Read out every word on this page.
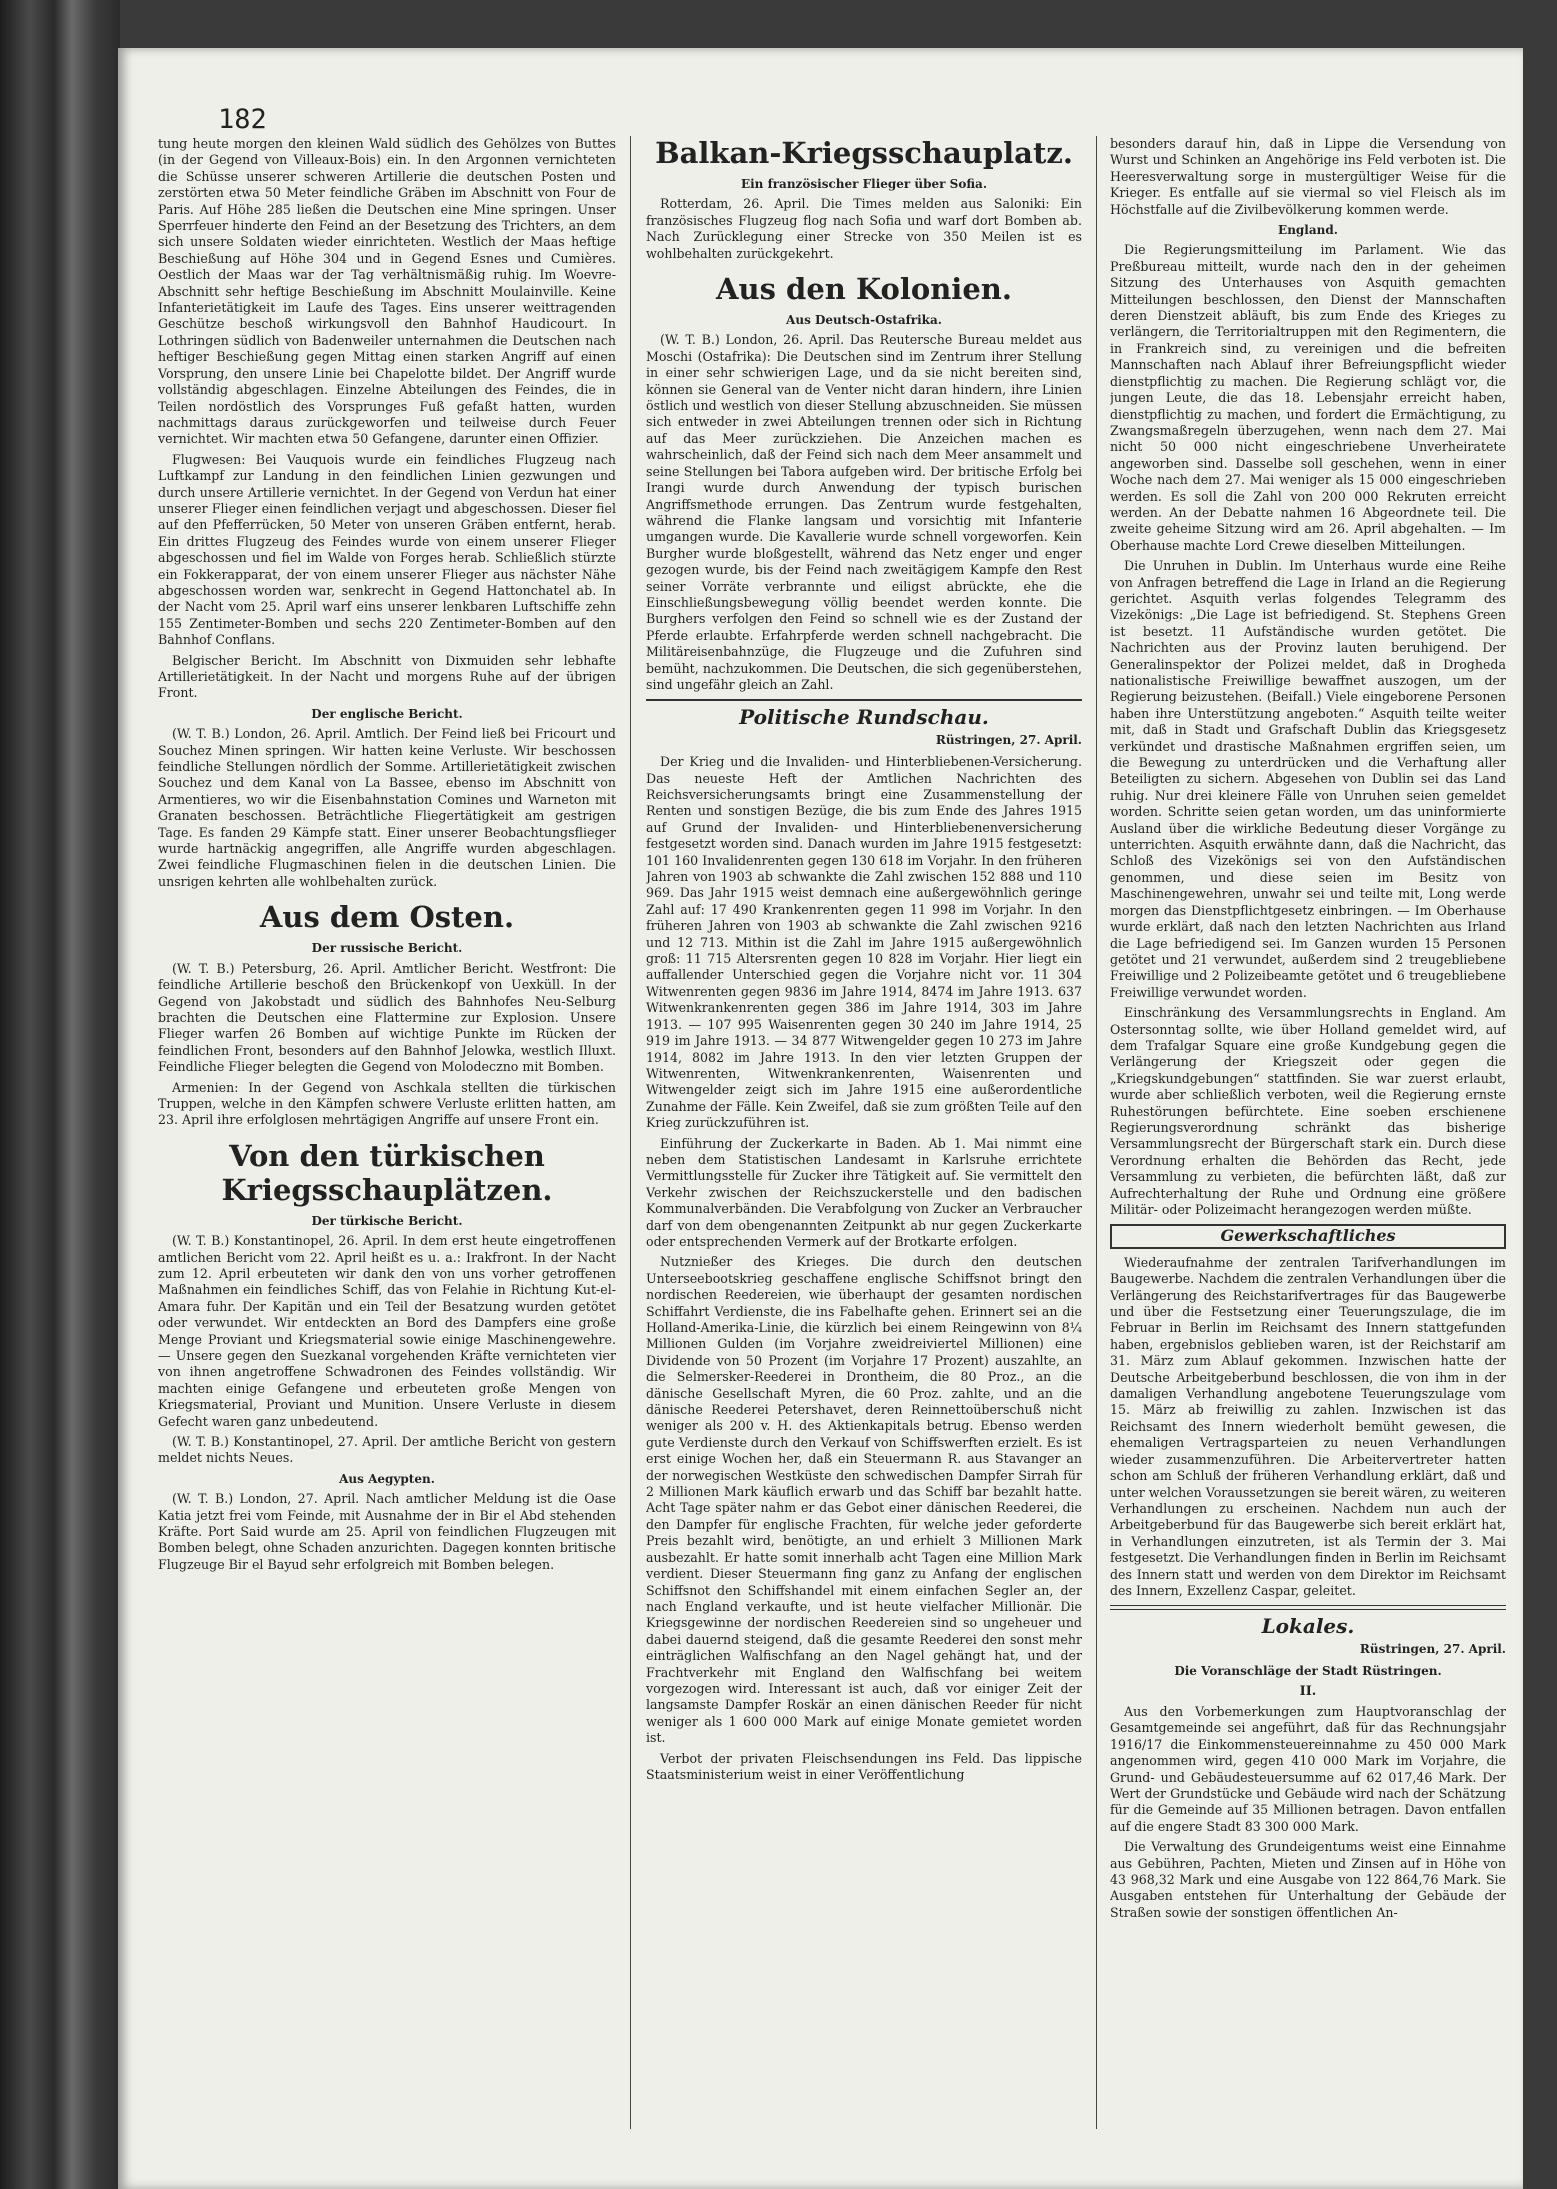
182

tung heute morgen den kleinen Wald südlich des Gehölzes von Buttes (in der Gegend von Villeaux-Bois) ein. In den Argonnen vernichteten die Schüsse unserer schweren Artillerie die deutschen Posten und zerstörten etwa 50 Meter feindliche Gräben im Abschnitt von Four de Paris. Auf Höhe 285 ließen die Deutschen eine Mine springen. Unser Sperrfeuer hinderte den Feind an der Besetzung des Trichters, an dem sich unsere Soldaten wieder einrichteten. Westlich der Maas heftige Beschießung auf Höhe 304 und in Gegend Esnes und Cumières. Oestlich der Maas war der Tag verhältnismäßig ruhig. Im Woevre-Abschnitt sehr heftige Beschießung im Abschnitt Moulainville. Keine Infanterietätigkeit im Laufe des Tages. Eins unserer weittragenden Geschütze beschoß wirkungsvoll den Bahnhof Haudicourt. In Lothringen südlich von Badenweiler unternahmen die Deutschen nach heftiger Beschießung gegen Mittag einen starken Angriff auf einen Vorsprung, den unsere Linie bei Chapelotte bildet. Der Angriff wurde vollständig abgeschlagen. Einzelne Abteilungen des Feindes, die in Teilen nordöstlich des Vorsprunges Fuß gefaßt hatten, wurden nachmittags daraus zurückgeworfen und teilweise durch Feuer vernichtet. Wir machten etwa 50 Gefangene, darunter einen Offizier.

Flugwesen: Bei Vauquois wurde ein feindliches Flugzeug nach Luftkampf zur Landung in den feindlichen Linien gezwungen und durch unsere Artillerie vernichtet. In der Gegend von Verdun hat einer unserer Flieger einen feindlichen verjagt und abgeschossen. Dieser fiel auf den Pfefferrücken, 50 Meter von unseren Gräben entfernt, herab. Ein drittes Flugzeug des Feindes wurde von einem unserer Flieger abgeschossen und fiel im Walde von Forges herab. Schließlich stürzte ein Fokkerapparat, der von einem unserer Flieger aus nächster Nähe abgeschossen worden war, senkrecht in Gegend Hattonchatel ab. In der Nacht vom 25. April warf eins unserer lenkbaren Luftschiffe zehn 155 Zentimeter-Bomben und sechs 220 Zentimeter-Bomben auf den Bahnhof Conflans.

Belgischer Bericht. Im Abschnitt von Dixmuiden sehr lebhafte Artillerietätigkeit. In der Nacht und morgens Ruhe auf der übrigen Front.

Der englische Bericht.

(W. T. B.) London, 26. April. Amtlich. Der Feind ließ bei Fricourt und Souchez Minen springen. Wir hatten keine Verluste. Wir beschossen feindliche Stellungen nördlich der Somme. Artillerietätigkeit zwischen Souchez und dem Kanal von La Bassee, ebenso im Abschnitt von Armentieres, wo wir die Eisenbahnstation Comines und Warneton mit Granaten beschossen. Beträchtliche Fliegertätigkeit am gestrigen Tage. Es fanden 29 Kämpfe statt. Einer unserer Beobachtungsflieger wurde hartnäckig angegriffen, alle Angriffe wurden abgeschlagen. Zwei feindliche Flugmaschinen fielen in die deutschen Linien. Die unsrigen kehrten alle wohlbehalten zurück.

Aus dem Osten.
Der russische Bericht.

(W. T. B.) Petersburg, 26. April. Amtlicher Bericht. Westfront: Die feindliche Artillerie beschoß den Brückenkopf von Uexküll. In der Gegend von Jakobstadt und südlich des Bahnhofes Neu-Selburg brachten die Deutschen eine Flattermine zur Explosion. Unsere Flieger warfen 26 Bomben auf wichtige Punkte im Rücken der feindlichen Front, besonders auf den Bahnhof Jelowka, westlich Illuxt. Feindliche Flieger belegten die Gegend von Molodeczno mit Bomben.

Armenien: In der Gegend von Aschkala stellten die türkischen Truppen, welche in den Kämpfen schwere Verluste erlitten hatten, am 23. April ihre erfolglosen mehrtägigen Angriffe auf unsere Front ein.

Von den türkischen Kriegsschauplätzen.
Der türkische Bericht.

(W. T. B.) Konstantinopel, 26. April. In dem erst heute eingetroffenen amtlichen Bericht vom 22. April heißt es u. a.: Irakfront. In der Nacht zum 12. April erbeuteten wir dank den von uns vorher getroffenen Maßnahmen ein feindliches Schiff, das von Felahie in Richtung Kut-el-Amara fuhr. Der Kapitän und ein Teil der Besatzung wurden getötet oder verwundet. Wir entdeckten an Bord des Dampfers eine große Menge Proviant und Kriegsmaterial sowie einige Maschinengewehre. — Unsere gegen den Suezkanal vorgehenden Kräfte vernichteten vier von ihnen angetroffene Schwadronen des Feindes vollständig. Wir machten einige Gefangene und erbeuteten große Mengen von Kriegsmaterial, Proviant und Munition. Unsere Verluste in diesem Gefecht waren ganz unbedeutend.

(W. T. B.) Konstantinopel, 27. April. Der amtliche Bericht von gestern meldet nichts Neues.

Aus Aegypten.

(W. T. B.) London, 27. April. Nach amtlicher Meldung ist die Oase Katia jetzt frei vom Feinde, mit Ausnahme der in Bir el Abd stehenden Kräfte. Port Said wurde am 25. April von feindlichen Flugzeugen mit Bomben belegt, ohne Schaden anzurichten. Dagegen konnten britische Flugzeuge Bir el Bayud sehr erfolgreich mit Bomben belegen.

Balkan-Kriegsschauplatz.
Ein französischer Flieger über Sofia.

Rotterdam, 26. April. Die Times melden aus Saloniki: Ein französisches Flugzeug flog nach Sofia und warf dort Bomben ab. Nach Zurücklegung einer Strecke von 350 Meilen ist es wohlbehalten zurückgekehrt.

Aus den Kolonien.
Aus Deutsch-Ostafrika.

(W. T. B.) London, 26. April. Das Reutersche Bureau meldet aus Moschi (Ostafrika): Die Deutschen sind im Zentrum ihrer Stellung in einer sehr schwierigen Lage, und da sie nicht bereiten sind, können sie General van de Venter nicht daran hindern, ihre Linien östlich und westlich von dieser Stellung abzuschneiden. Sie müssen sich entweder in zwei Abteilungen trennen oder sich in Richtung auf das Meer zurückziehen. Die Anzeichen machen es wahrscheinlich, daß der Feind sich nach dem Meer ansammelt und seine Stellungen bei Tabora aufgeben wird. Der britische Erfolg bei Irangi wurde durch Anwendung der typisch burischen Angriffsmethode errungen. Das Zentrum wurde festgehalten, während die Flanke langsam und vorsichtig mit Infanterie umgangen wurde. Die Kavallerie wurde schnell vorgeworfen. Kein Burgher wurde bloßgestellt, während das Netz enger und enger gezogen wurde, bis der Feind nach zweitägigem Kampfe den Rest seiner Vorräte verbrannte und eiligst abrückte, ehe die Einschließungsbewegung völlig beendet werden konnte. Die Burghers verfolgen den Feind so schnell wie es der Zustand der Pferde erlaubte. Erfahrpferde werden schnell nachgebracht. Die Militäreisenbahnzüge, die Flugzeuge und die Zufuhren sind bemüht, nachzukommen. Die Deutschen, die sich gegenüberstehen, sind ungefähr gleich an Zahl.

Politische Rundschau.
Rüstringen, 27. April.

Der Krieg und die Invaliden- und Hinterbliebenen-Versicherung. Das neueste Heft der Amtlichen Nachrichten des Reichsversicherungsamts bringt eine Zusammenstellung der Renten und sonstigen Bezüge, die bis zum Ende des Jahres 1915 auf Grund der Invaliden- und Hinterbliebenenversicherung festgesetzt worden sind. Danach wurden im Jahre 1915 festgesetzt: 101 160 Invalidenrenten gegen 130 618 im Vorjahr. In den früheren Jahren von 1903 ab schwankte die Zahl zwischen 152 888 und 110 969. Das Jahr 1915 weist demnach eine außergewöhnlich geringe Zahl auf: 17 490 Krankenrenten gegen 11 998 im Vorjahr. In den früheren Jahren von 1903 ab schwankte die Zahl zwischen 9216 und 12 713. Mithin ist die Zahl im Jahre 1915 außergewöhnlich groß: 11 715 Altersrenten gegen 10 828 im Vorjahr. Hier liegt ein auffallender Unterschied gegen die Vorjahre nicht vor. 11 304 Witwenrenten gegen 9836 im Jahre 1914, 8474 im Jahre 1913. 637 Witwenkrankenrenten gegen 386 im Jahre 1914, 303 im Jahre 1913. — 107 995 Waisenrenten gegen 30 240 im Jahre 1914, 25 919 im Jahre 1913. — 34 877 Witwengelder gegen 10 273 im Jahre 1914, 8082 im Jahre 1913. In den vier letzten Gruppen der Witwenrenten, Witwenkrankenrenten, Waisenrenten und Witwengelder zeigt sich im Jahre 1915 eine außerordentliche Zunahme der Fälle. Kein Zweifel, daß sie zum größten Teile auf den Krieg zurückzuführen ist.

Einführung der Zuckerkarte in Baden. Ab 1. Mai nimmt eine neben dem Statistischen Landesamt in Karlsruhe errichtete Vermittlungsstelle für Zucker ihre Tätigkeit auf. Sie vermittelt den Verkehr zwischen der Reichszuckerstelle und den badischen Kommunalverbänden. Die Verabfolgung von Zucker an Verbraucher darf von dem obengenannten Zeitpunkt ab nur gegen Zuckerkarte oder entsprechenden Vermerk auf der Brotkarte erfolgen.

Nutznießer des Krieges. Die durch den deutschen Unterseebootskrieg geschaffene englische Schiffsnot bringt den nordischen Reedereien, wie überhaupt der gesamten nordischen Schiffahrt Verdienste, die ins Fabelhafte gehen. Erinnert sei an die Holland-Amerika-Linie, die kürzlich bei einem Reingewinn von 8¼ Millionen Gulden (im Vorjahre zweidreiviertel Millionen) eine Dividende von 50 Prozent (im Vorjahre 17 Prozent) auszahlte, an die Selmersker-Reederei in Drontheim, die 80 Proz., an die dänische Gesellschaft Myren, die 60 Proz. zahlte, und an die dänische Reederei Petershavet, deren Reinnettoüberschuß nicht weniger als 200 v. H. des Aktienkapitals betrug. Ebenso werden gute Verdienste durch den Verkauf von Schiffswerften erzielt. Es ist erst einige Wochen her, daß ein Steuermann R. aus Stavanger an der norwegischen Westküste den schwedischen Dampfer Sirrah für 2 Millionen Mark käuflich erwarb und das Schiff bar bezahlt hatte. Acht Tage später nahm er das Gebot einer dänischen Reederei, die den Dampfer für englische Frachten, für welche jeder geforderte Preis bezahlt wird, benötigte, an und erhielt 3 Millionen Mark ausbezahlt. Er hatte somit innerhalb acht Tagen eine Million Mark verdient. Dieser Steuermann fing ganz zu Anfang der englischen Schiffsnot den Schiffshandel mit einem einfachen Segler an, der nach England verkaufte, und ist heute vielfacher Millionär. Die Kriegsgewinne der nordischen Reedereien sind so ungeheuer und dabei dauernd steigend, daß die gesamte Reederei den sonst mehr einträglichen Walfischfang an den Nagel gehängt hat, und der Frachtverkehr mit England den Walfischfang bei weitem vorgezogen wird. Interessant ist auch, daß vor einiger Zeit der langsamste Dampfer Roskär an einen dänischen Reeder für nicht weniger als 1 600 000 Mark auf einige Monate gemietet worden ist.

Verbot der privaten Fleischsendungen ins Feld. Das lippische Staatsministerium weist in einer Veröffentlichung

besonders darauf hin, daß in Lippe die Versendung von Wurst und Schinken an Angehörige ins Feld verboten ist. Die Heeresverwaltung sorge in mustergültiger Weise für die Krieger. Es entfalle auf sie viermal so viel Fleisch als im Höchstfalle auf die Zivilbevölkerung kommen werde.

England.

Die Regierungsmitteilung im Parlament. Wie das Preßbureau mitteilt, wurde nach den in der geheimen Sitzung des Unterhauses von Asquith gemachten Mitteilungen beschlossen, den Dienst der Mannschaften deren Dienstzeit abläuft, bis zum Ende des Krieges zu verlängern, die Territorialtruppen mit den Regimentern, die in Frankreich sind, zu vereinigen und die befreiten Mannschaften nach Ablauf ihrer Befreiungspflicht wieder dienstpflichtig zu machen. Die Regierung schlägt vor, die jungen Leute, die das 18. Lebensjahr erreicht haben, dienstpflichtig zu machen, und fordert die Ermächtigung, zu Zwangsmaßregeln überzugehen, wenn nach dem 27. Mai nicht 50 000 nicht eingeschriebene Unverheiratete angeworben sind. Dasselbe soll geschehen, wenn in einer Woche nach dem 27. Mai weniger als 15 000 eingeschrieben werden. Es soll die Zahl von 200 000 Rekruten erreicht werden. An der Debatte nahmen 16 Abgeordnete teil. Die zweite geheime Sitzung wird am 26. April abgehalten. — Im Oberhause machte Lord Crewe dieselben Mitteilungen.

Die Unruhen in Dublin. Im Unterhaus wurde eine Reihe von Anfragen betreffend die Lage in Irland an die Regierung gerichtet. Asquith verlas folgendes Telegramm des Vizekönigs: „Die Lage ist befriedigend. St. Stephens Green ist besetzt. 11 Aufständische wurden getötet. Die Nachrichten aus der Provinz lauten beruhigend. Der Generalinspektor der Polizei meldet, daß in Drogheda nationalistische Freiwillige bewaffnet auszogen, um der Regierung beizustehen. (Beifall.) Viele eingeborene Personen haben ihre Unterstützung angeboten.“ Asquith teilte weiter mit, daß in Stadt und Grafschaft Dublin das Kriegsgesetz verkündet und drastische Maßnahmen ergriffen seien, um die Bewegung zu unterdrücken und die Verhaftung aller Beteiligten zu sichern. Abgesehen von Dublin sei das Land ruhig. Nur drei kleinere Fälle von Unruhen seien gemeldet worden. Schritte seien getan worden, um das uninformierte Ausland über die wirkliche Bedeutung dieser Vorgänge zu unterrichten. Asquith erwähnte dann, daß die Nachricht, das Schloß des Vizekönigs sei von den Aufständischen genommen, und diese seien im Besitz von Maschinengewehren, unwahr sei und teilte mit, Long werde morgen das Dienstpflichtgesetz einbringen. — Im Oberhause wurde erklärt, daß nach den letzten Nachrichten aus Irland die Lage befriedigend sei. Im Ganzen wurden 15 Personen getötet und 21 verwundet, außerdem sind 2 treugebliebene Freiwillige und 2 Polizeibeamte getötet und 6 treugebliebene Freiwillige verwundet worden.

Einschränkung des Versammlungsrechts in England. Am Ostersonntag sollte, wie über Holland gemeldet wird, auf dem Trafalgar Square eine große Kundgebung gegen die Verlängerung der Kriegszeit oder gegen die „Kriegskundgebungen“ stattfinden. Sie war zuerst erlaubt, wurde aber schließlich verboten, weil die Regierung ernste Ruhestörungen befürchtete. Eine soeben erschienene Regierungsverordnung schränkt das bisherige Versammlungsrecht der Bürgerschaft stark ein. Durch diese Verordnung erhalten die Behörden das Recht, jede Versammlung zu verbieten, die befürchten läßt, daß zur Aufrechterhaltung der Ruhe und Ordnung eine größere Militär- oder Polizeimacht herangezogen werden müßte.

Gewerkschaftliches

Wiederaufnahme der zentralen Tarifverhandlungen im Baugewerbe. Nachdem die zentralen Verhandlungen über die Verlängerung des Reichstarifvertrages für das Baugewerbe und über die Festsetzung einer Teuerungszulage, die im Februar in Berlin im Reichsamt des Innern stattgefunden haben, ergebnislos geblieben waren, ist der Reichstarif am 31. März zum Ablauf gekommen. Inzwischen hatte der Deutsche Arbeitgeberbund beschlossen, die von ihm in der damaligen Verhandlung angebotene Teuerungszulage vom 15. März ab freiwillig zu zahlen. Inzwischen ist das Reichsamt des Innern wiederholt bemüht gewesen, die ehemaligen Vertragsparteien zu neuen Verhandlungen wieder zusammenzuführen. Die Arbeitervertreter hatten schon am Schluß der früheren Verhandlung erklärt, daß und unter welchen Voraussetzungen sie bereit wären, zu weiteren Verhandlungen zu erscheinen. Nachdem nun auch der Arbeitgeberbund für das Baugewerbe sich bereit erklärt hat, in Verhandlungen einzutreten, ist als Termin der 3. Mai festgesetzt. Die Verhandlungen finden in Berlin im Reichsamt des Innern statt und werden von dem Direktor im Reichsamt des Innern, Exzellenz Caspar, geleitet.

Lokales.
Rüstringen, 27. April.
Die Voranschläge der Stadt Rüstringen.
II.

Aus den Vorbemerkungen zum Hauptvoranschlag der Gesamtgemeinde sei angeführt, daß für das Rechnungsjahr 1916/17 die Einkommensteuereinnahme zu 450 000 Mark angenommen wird, gegen 410 000 Mark im Vorjahre, die Grund- und Gebäudesteuersumme auf 62 017,46 Mark. Der Wert der Grundstücke und Gebäude wird nach der Schätzung für die Gemeinde auf 35 Millionen betragen. Davon entfallen auf die engere Stadt 83 300 000 Mark.

Die Verwaltung des Grundeigentums weist eine Einnahme aus Gebühren, Pachten, Mieten und Zinsen auf in Höhe von 43 968,32 Mark und eine Ausgabe von 122 864,76 Mark. Sie Ausgaben entstehen für Unterhaltung der Gebäude der Straßen sowie der sonstigen öffentlichen An-
